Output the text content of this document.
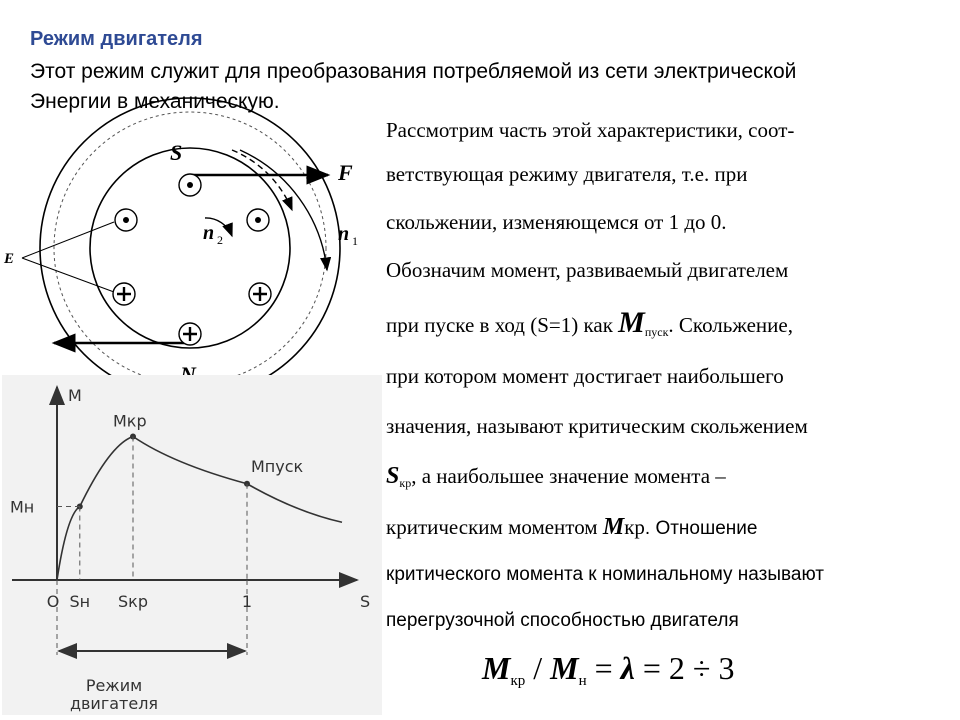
Режим двигателя
Этот режим служит для преобразования потребляемой из сети электрической
Энергии в механическую.
Рассмотрим часть этой характеристики, соот-
ветствующая режиму двигателя, т.е. при
скольжении, изменяющемся от 1 до 0.
Обозначим момент, развиваемый двигателем
при пуске в ход (S=1) как $M_{пуск}$. Скольжение,
при котором момент достигает наибольшего
значения, называют критическим скольжением
$S_{кр}$, а наибольшее значение момента –
критическим моментом Mкр. Отношение
критического момента к номинальному называют
перегрузочной способностью двигателя
Mкр / Mн = λ = 2 ÷ 3
S
N
F
E
n 1
n 2
M
S
O Sн Sкр	1
Mн
Mкр
Mпуск
Режим
двигателя
